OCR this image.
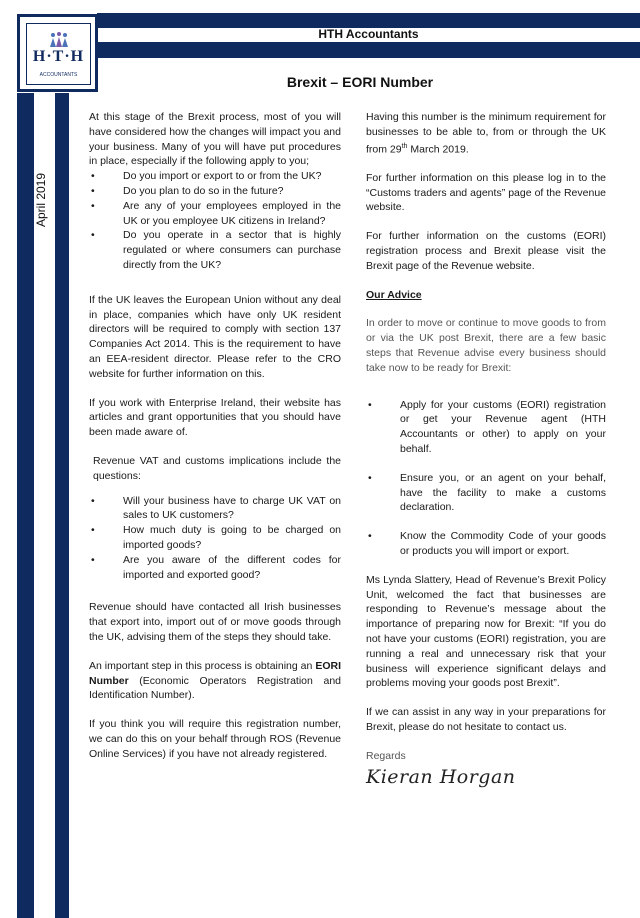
HTH Accountants
H·T·H
ACCOUNTANTS
April 2019
Brexit – EORI Number

At this stage of the Brexit process, most of you will have considered how the changes will impact you and your business. Many of you will have put procedures in place, especially if the following apply to you;

• Do you import or export to or from the UK?
• Do you plan to do so in the future?
• Are any of your employees employed in the UK or you employee UK citizens in Ireland?
• Do you operate in a sector that is highly regulated or where consumers can purchase directly from the UK?

If the UK leaves the European Union without any deal in place, companies which have only UK resident directors will be required to comply with section 137 Companies Act 2014. This is the requirement to have an EEA-resident director. Please refer to the CRO website for further information on this.

If you work with Enterprise Ireland, their website has articles and grant opportunities that you should have been made aware of.

Revenue VAT and customs implications include the questions:

• Will your business have to charge UK VAT on sales to UK customers?
• How much duty is going to be charged on imported goods?
• Are you aware of the different codes for imported and exported good?

Revenue should have contacted all Irish businesses that export into, import out of or move goods through the UK, advising them of the steps they should take.

An important step in this process is obtaining an EORI Number (Economic Operators Registration and Identification Number).

If you think you will require this registration number, we can do this on your behalf through ROS (Revenue Online Services) if you have not already registered.

Having this number is the minimum requirement for businesses to be able to, from or through the UK from 29th March 2019.

For further information on this please log in to the “Customs traders and agents” page of the Revenue website.

For further information on the customs (EORI) registration process and Brexit please visit the Brexit page of the Revenue website.

Our Advice

In order to move or continue to move goods to from or via the UK post Brexit, there are a few basic steps that Revenue advise every business should take now to be ready for Brexit:

• Apply for your customs (EORI) registration or get your Revenue agent (HTH Accountants or other) to apply on your behalf.
• Ensure you, or an agent on your behalf, have the facility to make a customs declaration.
• Know the Commodity Code of your goods or products you will import or export.

Ms Lynda Slattery, Head of Revenue’s Brexit Policy Unit, welcomed the fact that businesses are responding to Revenue’s message about the importance of preparing now for Brexit: “If you do not have your customs (EORI) registration, you are running a real and unnecessary risk that your business will experience significant delays and problems moving your goods post Brexit”.

If we can assist in any way in your preparations for Brexit, please do not hesitate to contact us.

Regards

Kieran Horgan
